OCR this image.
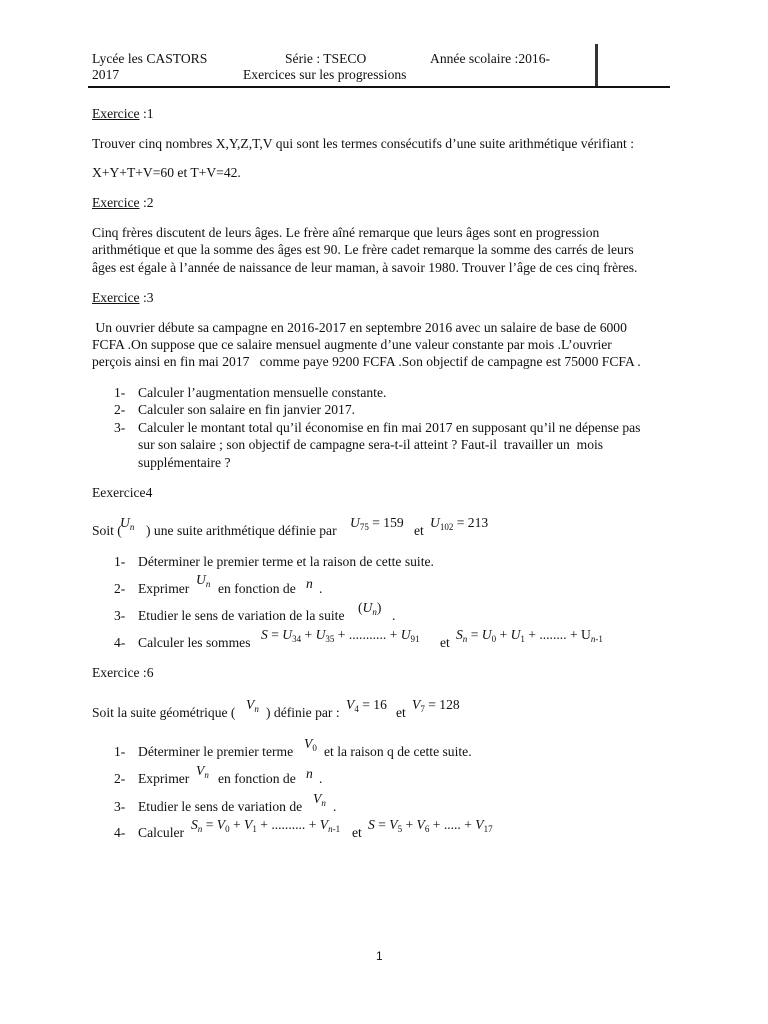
Lycée les CASTORS	Série : TSECO	Année scolaire :2016-
2017	Exercices sur les progressions
Exercice :1
Trouver cinq nombres X,Y,Z,T,V qui sont les termes consécutifs d’une suite arithmétique vérifiant :
X+Y+T+V=60 et T+V=42.
Exercice :2
Cinq frères discutent de leurs âges. Le frère aîné remarque que leurs âges sont en progression
arithmétique et que la somme des âges est 90. Le frère cadet remarque la somme des carrés de leurs
âges est égale à l’année de naissance de leur maman, à savoir 1980. Trouver l’âge de ces cinq frères.
Exercice :3
Un ouvrier débute sa campagne en 2016-2017 en septembre 2016 avec un salaire de base de 6000
FCFA .On suppose que ce salaire mensuel augmente d’une valeur constante par mois .L’ouvrier
perçois ainsi en fin mai 2017   comme paye 9200 FCFA .Son objectif de campagne est 75000 FCFA .
1- Calculer l’augmentation mensuelle constante.
2- Calculer son salaire en fin janvier 2017.
3- Calculer le montant total qu’il économise en fin mai 2017 en supposant qu’il ne dépense pas
sur son salaire ; son objectif de campagne sera-t-il atteint ? Faut-il  travailler un  mois
supplémentaire ?
Eexercice4
Soit (
$U_n$ ) une suite arithmétique définie par
$U_{75} = 159$
et
$U_{102} = 213$
1- Déterminer le premier terme et la raison de cette suite.
2- Exprimer
$U_n$ en fonction de n .
3- Etudier le sens de variation de la suite
$(U_n)$
.
4- Calculer les sommes
$S = U_{34} + U_{35}$ + ........... + $U_{91}$ et
$S_n = U_0 + U_1$ + ........ + $U_{n-1}$
Exercice :6
Soit la suite géométrique (
$V_n$ ) définie par :
$V_4 = 16$
et
$V_7 = 128$
1- Déterminer le premier terme
$V_0$ et la raison q de cette suite.
2- Exprimer
$V_n$ en fonction de n .
3- Etudier le sens de variation de
$V_n$ .
4- Calculer
$S_n = V_0 + V_1$ + .......... + $V_{n-1}$ et
$S = V_5 + V_6$ + ..... + $V_{17}$
1
